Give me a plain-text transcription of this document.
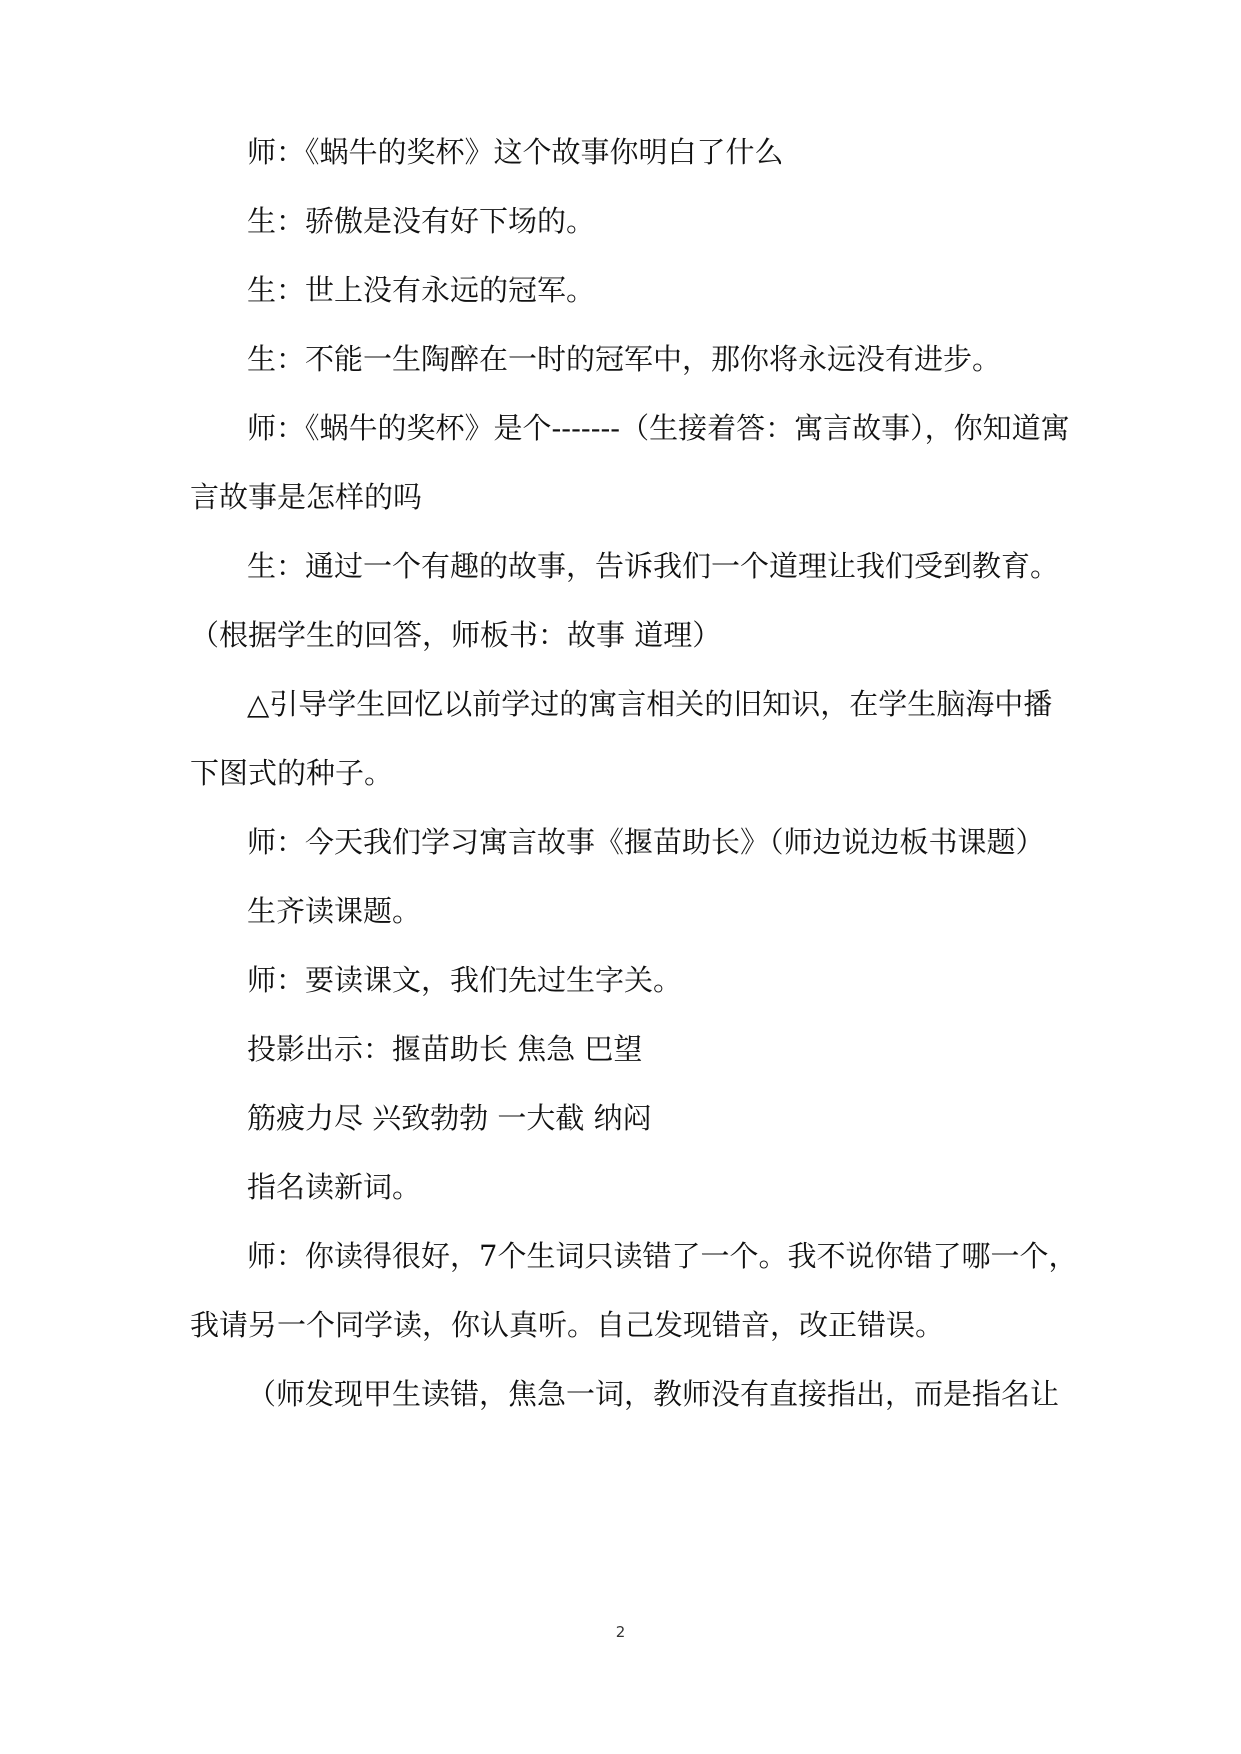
师：《蜗牛的奖杯》这个故事你明白了什么
生：骄傲是没有好下场的。
生：世上没有永远的冠军。
生：不能一生陶醉在一时的冠军中，那你将永远没有进步。
师：《蜗牛的奖杯》是个-------（生接着答：寓言故事），你知道寓
言故事是怎样的吗
生：通过一个有趣的故事，告诉我们一个道理让我们受到教育。
（根据学生的回答，师板书：故事 道理）
△引导学生回忆以前学过的寓言相关的旧知识，在学生脑海中播
下图式的种子。
师：今天我们学习寓言故事《揠苗助长》（师边说边板书课题）
生齐读课题。
师：要读课文，我们先过生字关。
投影出示：揠苗助长 焦急 巴望
筋疲力尽 兴致勃勃 一大截 纳闷
指名读新词。
师：你读得很好，7个生词只读错了一个。我不说你错了哪一个，
我请另一个同学读，你认真听。自己发现错音，改正错误。
（师发现甲生读错，焦急一词，教师没有直接指出，而是指名让
2
